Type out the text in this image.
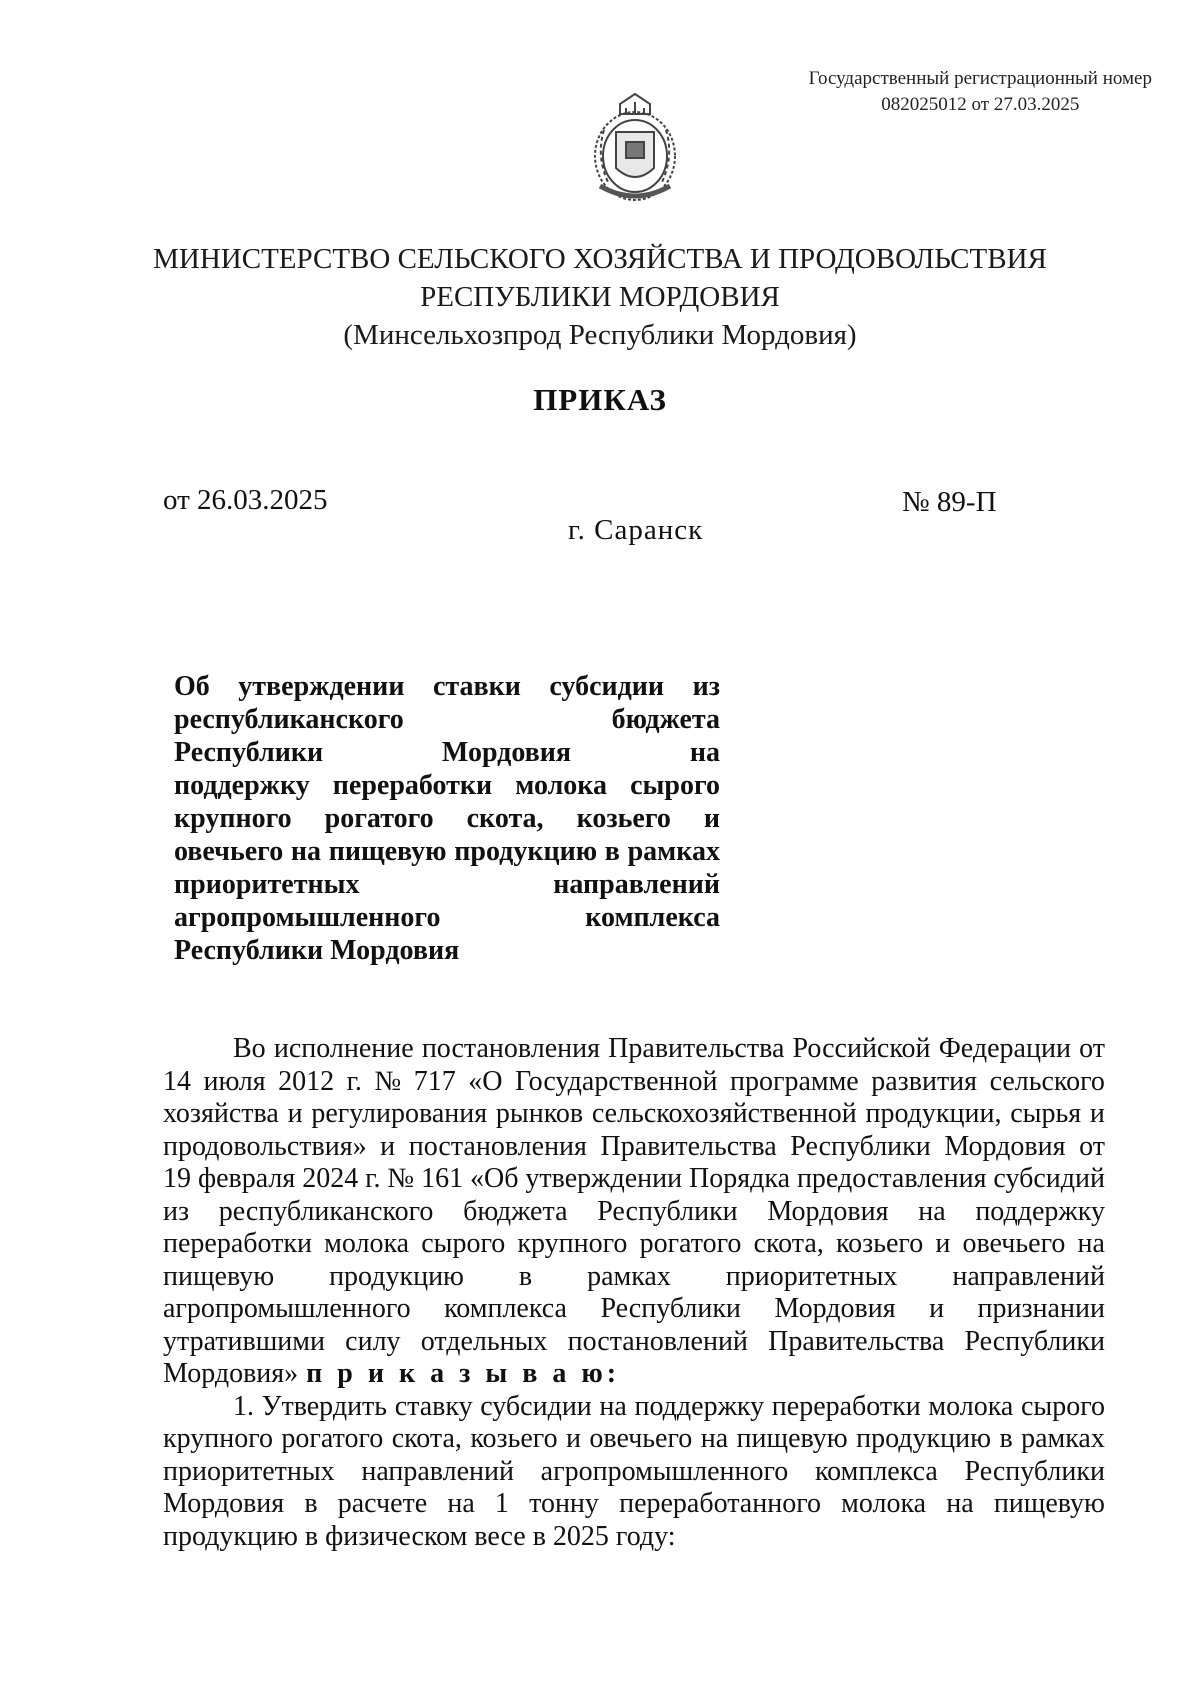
Государственный регистрационный номер
082025012 от 27.03.2025
МИНИСТЕРСТВО СЕЛЬСКОГО ХОЗЯЙСТВА И ПРОДОВОЛЬСТВИЯ
РЕСПУБЛИКИ МОРДОВИЯ
(Минсельхозпрод Республики Мордовия)
ПРИКАЗ
от 26.03.2025	№ 89-П
г. Саранск
Об утверждении ставки субсидии из
республиканского	бюджета
Республики	Мордовия	на
поддержку переработки молока сырого
крупного рогатого скота, козьего и
овечьего на пищевую продукцию в рамках
приоритетных	направлений
агропромышленного	комплекса
Республики Мордовия
Во исполнение постановления Правительства Российской Федерации от
14 июля 2012 г. № 717 «О Государственной программе развития сельского
хозяйства и регулирования рынков сельскохозяйственной продукции, сырья и
продовольствия» и постановления Правительства Республики Мордовия от
19 февраля 2024 г. № 161 «Об утверждении Порядка предоставления субсидий
из республиканского бюджета Республики Мордовия на поддержку
переработки молока сырого крупного рогатого скота, козьего и овечьего на
пищевую продукцию в рамках приоритетных направлений
агропромышленного комплекса Республики Мордовия и признании
утратившими силу отдельных постановлений Правительства Республики
Мордовия» п р и к а з ы в а ю:
1. Утвердить ставку субсидии на поддержку переработки молока сырого
крупного рогатого скота, козьего и овечьего на пищевую продукцию в рамках
приоритетных направлений агропромышленного комплекса Республики
Мордовия в расчете на 1 тонну переработанного молока на пищевую
продукцию в физическом весе в 2025 году:
